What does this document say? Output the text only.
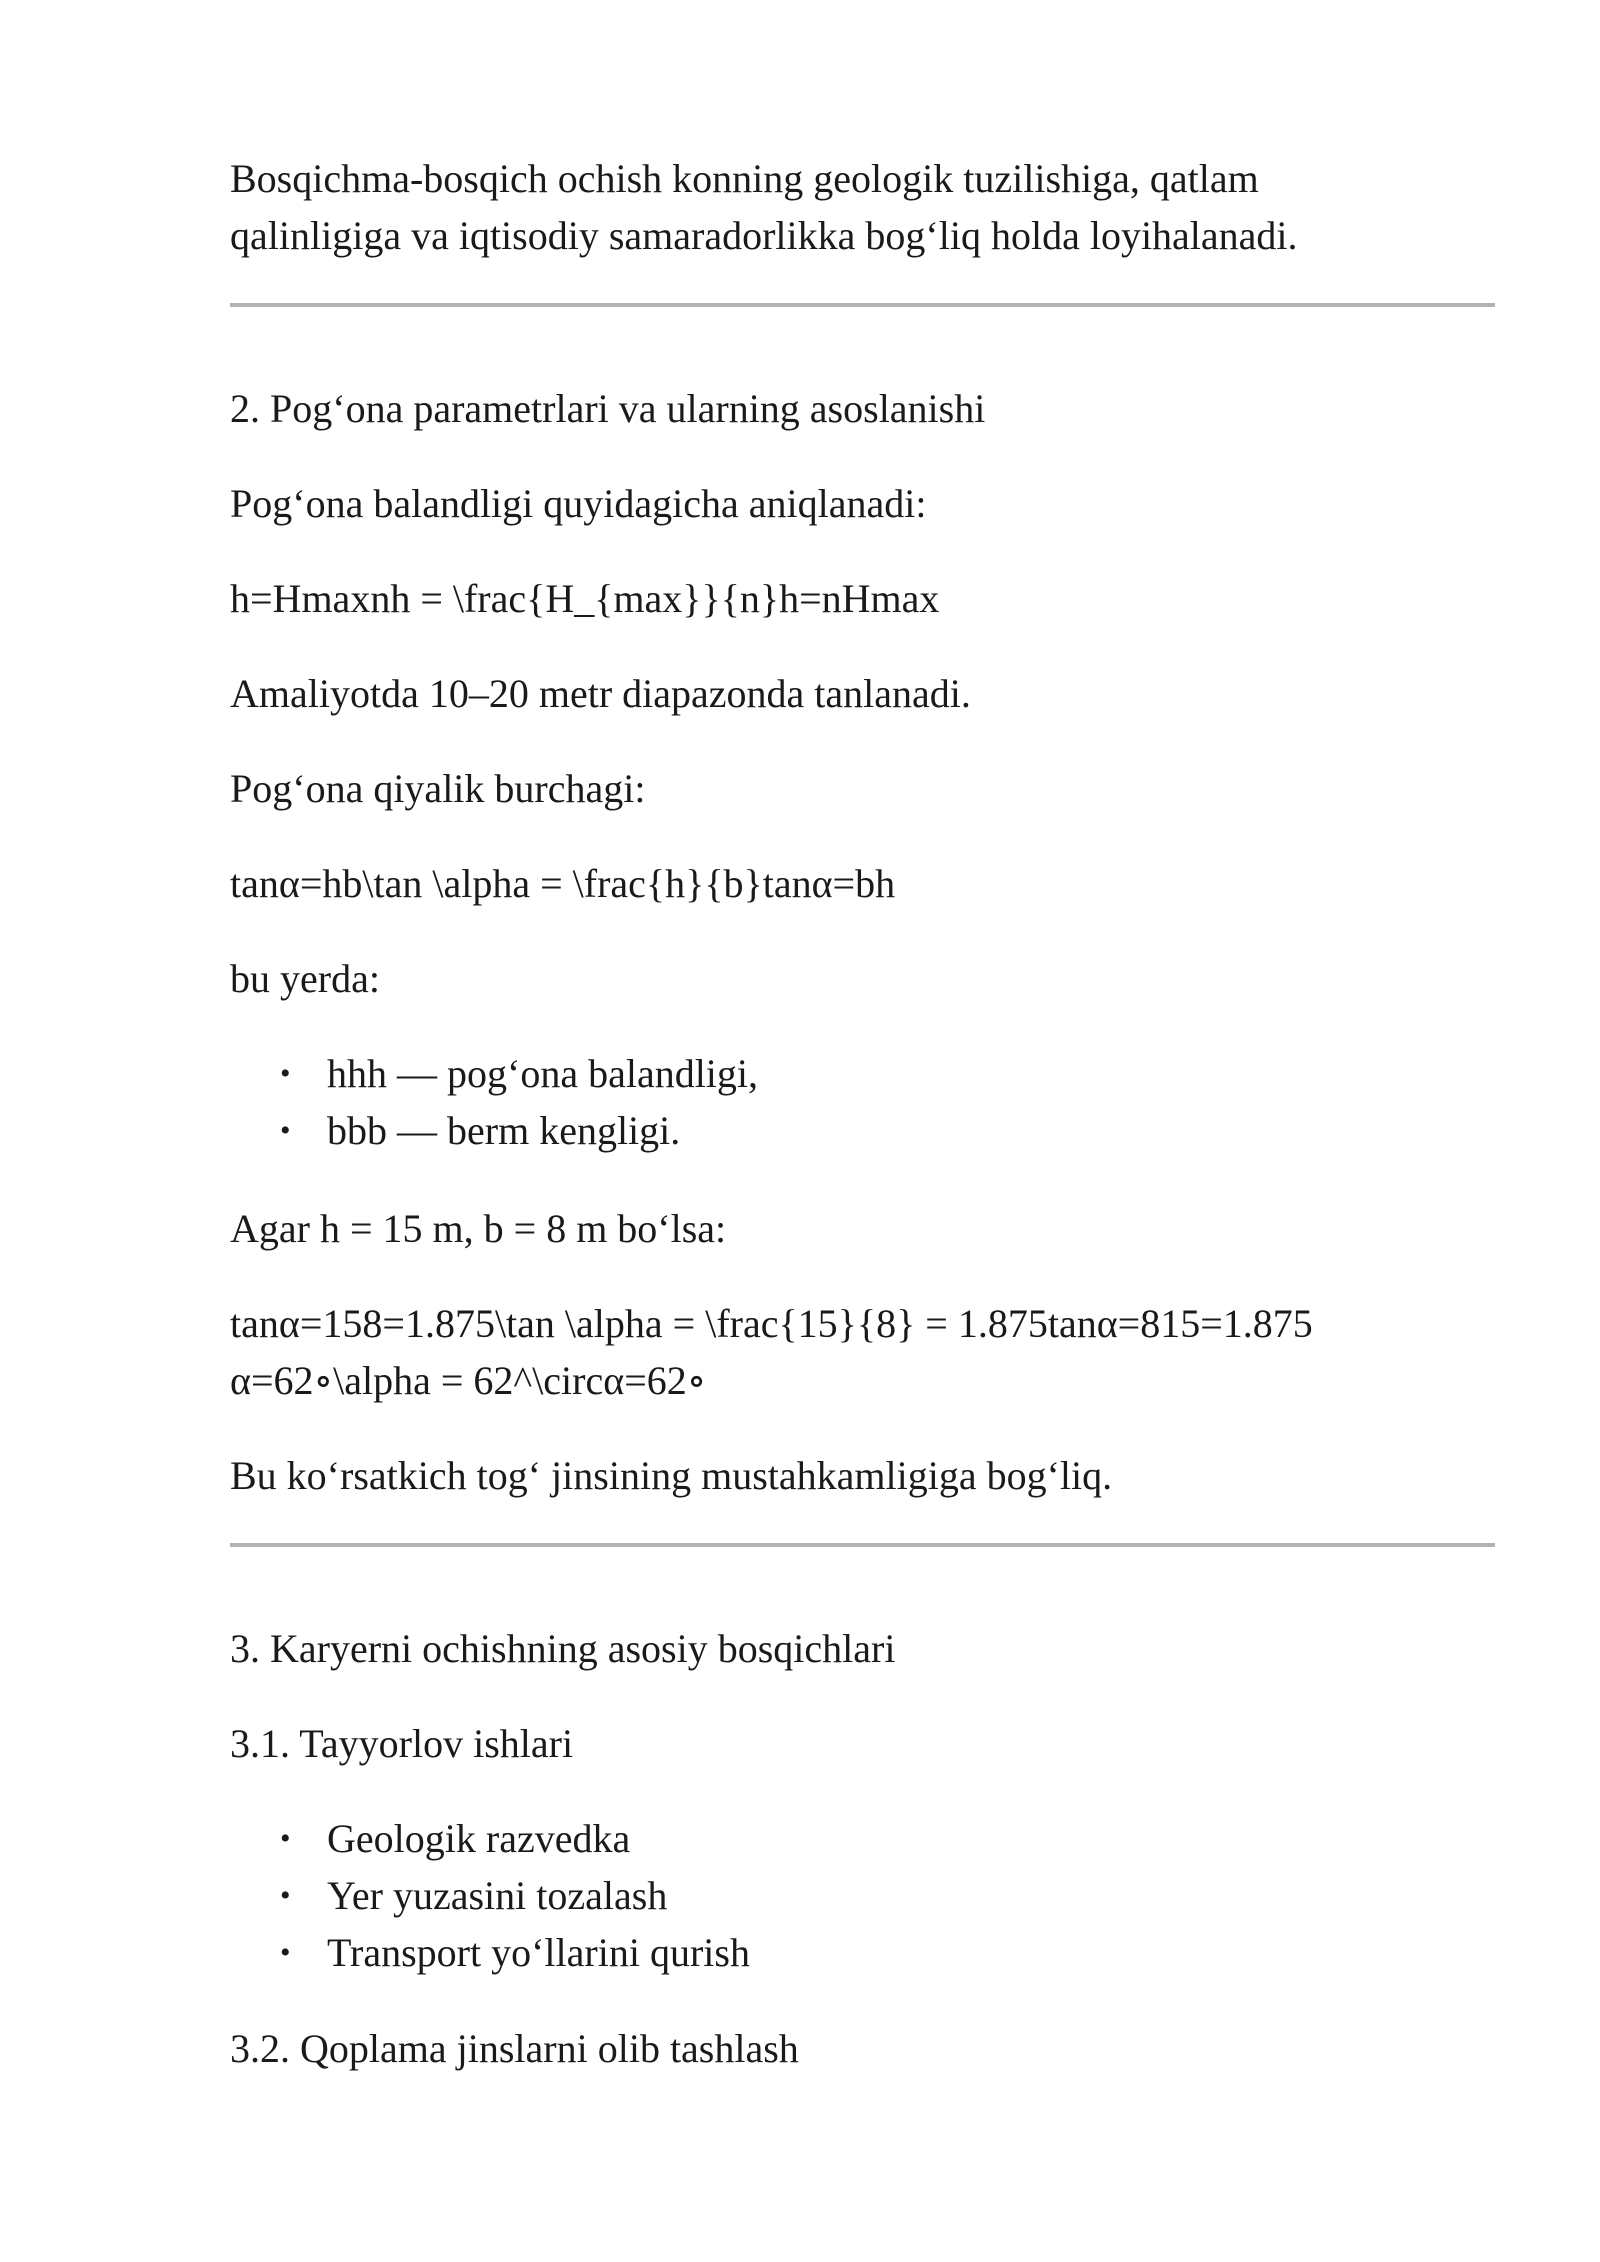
Bosqichma-bosqich ochish konning geologik tuzilishiga, qatlam

qalinligiga va iqtisodiy samaradorlikka bog‘liq holda loyihalanadi.

2. Pog‘ona parametrlari va ularning asoslanishi

Pog‘ona balandligi quyidagicha aniqlanadi:

h=Hmaxnh = \frac{H_{max}}{n}h=nHmax

Amaliyotda 10–20 metr diapazonda tanlanadi.

Pog‘ona qiyalik burchagi:

tanα=hb\tan \alpha = \frac{h}{b}tanα=bh

bu yerda:

• hhh — pog‘ona balandligi,
• bbb — berm kengligi.

Agar h = 15 m, b = 8 m bo‘lsa:

tanα=158=1.875\tan \alpha = \frac{15}{8} = 1.875tanα=815=1.875

α=62∘\alpha = 62^\circα=62∘

Bu ko‘rsatkich tog‘ jinsining mustahkamligiga bog‘liq.

3. Karyerni ochishning asosiy bosqichlari

3.1. Tayyorlov ishlari

• Geologik razvedka
• Yer yuzasini tozalash
• Transport yo‘llarini qurish

3.2. Qoplama jinslarni olib tashlash
